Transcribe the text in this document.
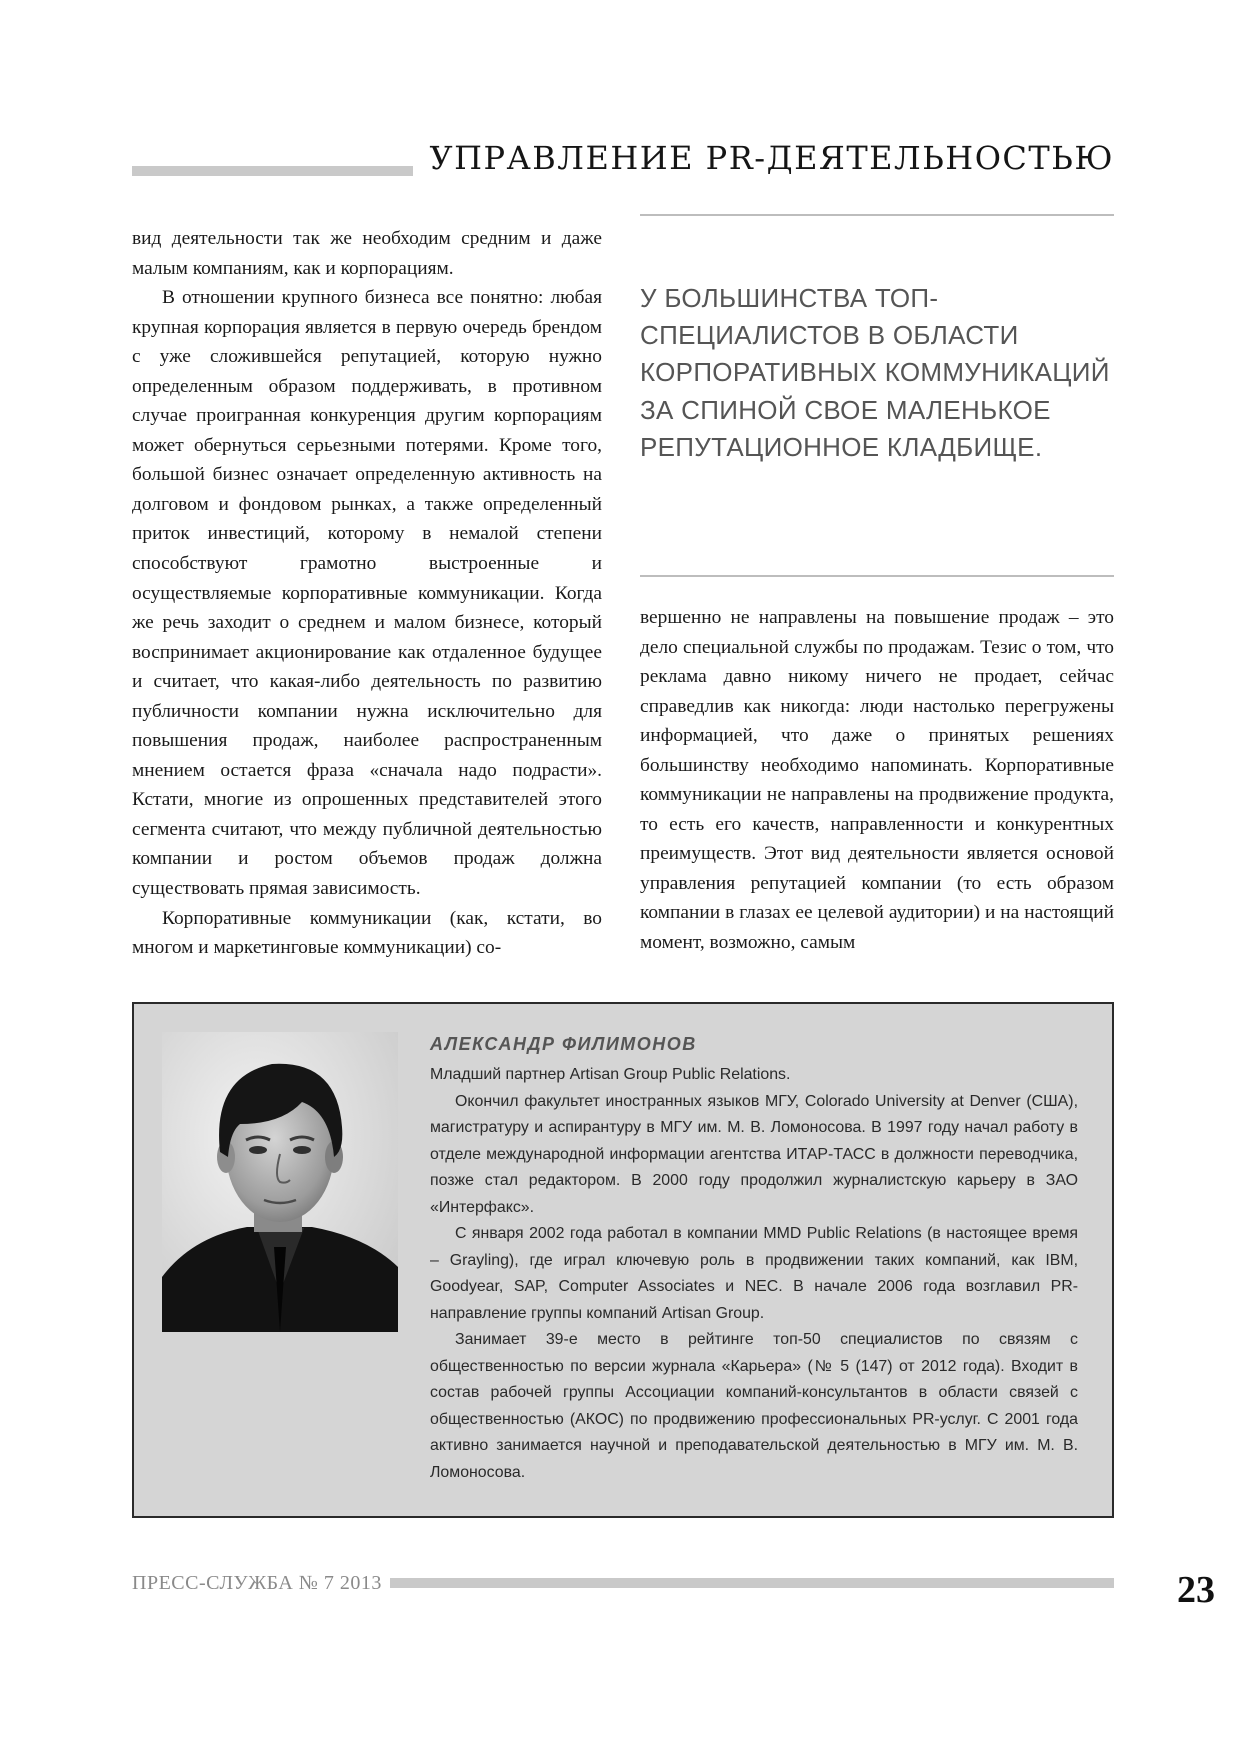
УПРАВЛЕНИЕ PR-ДЕЯТЕЛЬНОСТЬЮ

вид деятельности так же необходим средним и даже малым компаниям, как и корпорациям.

В отношении крупного бизнеса все понятно: любая крупная корпорация является в первую очередь брендом с уже сложившейся репутацией, которую нужно определенным образом поддерживать, в противном случае проигранная конкуренция другим корпорациям может обернуться серьезными потерями. Кроме того, большой бизнес означает определенную активность на долговом и фондовом рынках, а также определенный приток инвестиций, которому в немалой степени способствуют грамотно выстроенные и осуществляемые корпоративные коммуникации. Когда же речь заходит о среднем и малом бизнесе, который воспринимает акционирование как отдаленное будущее и считает, что какая-либо деятельность по развитию публичности компании нужна исключительно для повышения продаж, наиболее распространенным мнением остается фраза «сначала надо подрасти». Кстати, многие из опрошенных представителей этого сегмента считают, что между публичной деятельностью компании и ростом объемов продаж должна существовать прямая зависимость.

Корпоративные коммуникации (как, кстати, во многом и маркетинговые коммуникации) со-

У БОЛЬШИНСТВА ТОП-СПЕЦИАЛИСТОВ В ОБЛАСТИ КОРПОРАТИВНЫХ КОММУНИКАЦИЙ ЗА СПИНОЙ СВОЕ МАЛЕНЬКОЕ РЕПУТАЦИОННОЕ КЛАДБИЩЕ.

вершенно не направлены на повышение продаж – это дело специальной службы по продажам. Тезис о том, что реклама давно никому ничего не продает, сейчас справедлив как никогда: люди настолько перегружены информацией, что даже о принятых решениях большинству необходимо напоминать. Корпоративные коммуникации не направлены на продвижение продукта, то есть его качеств, направленности и конкурентных преимуществ. Этот вид деятельности является основой управления репутацией компании (то есть образом компании в глазах ее целевой аудитории) и на настоящий момент, возможно, самым

АЛЕКСАНДР ФИЛИМОНОВ

Младший партнер Artisan Group Public Relations.

Окончил факультет иностранных языков МГУ, Colorado University at Denver (США), магистратуру и аспирантуру в МГУ им. М. В. Ломоносова. В 1997 году начал работу в отделе международной информации агентства ИТАР-ТАСС в должности переводчика, позже стал редактором. В 2000 году продолжил журналистскую карьеру в ЗАО «Интерфакс».

С января 2002 года работал в компании MMD Public Relations (в настоящее время – Grayling), где играл ключевую роль в продвижении таких компаний, как IBM, Goodyear, SAP, Computer Associates и NEC. В начале 2006 года возглавил PR-направление группы компаний Artisan Group.

Занимает 39-е место в рейтинге топ-50 специалистов по связям с общественностью по версии журнала «Карьера» (№ 5 (147) от 2012 года). Входит в состав рабочей группы Ассоциации компаний-консультантов в области связей с общественностью (АКОС) по продвижению профессиональных PR-услуг. С 2001 года активно занимается научной и преподавательской деятельностью в МГУ им. М. В. Ломоносова.

ПРЕСС-СЛУЖБА № 7 2013	23
